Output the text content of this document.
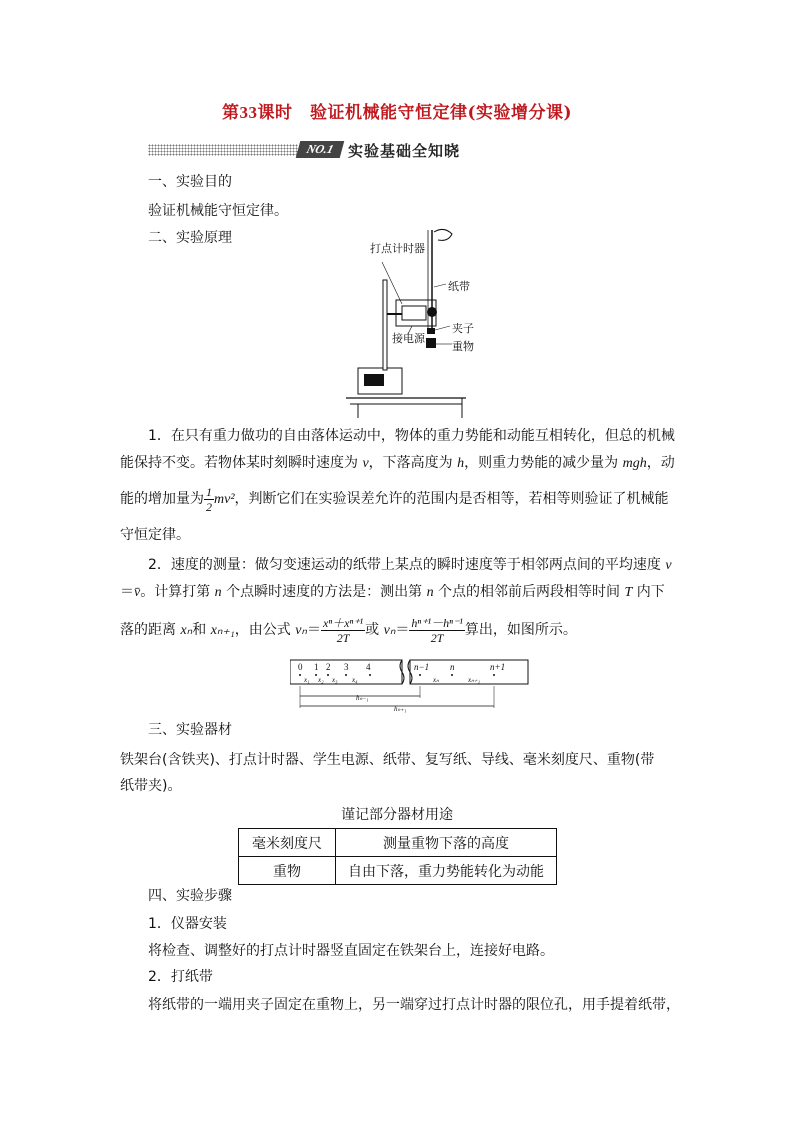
第33课时　验证机械能守恒定律(实验增分课)
NO.1 实验基础全知晓
一、实验目的
验证机械能守恒定律。
二、实验原理
打点计时器
纸带
夹子
接电源
重物
1．在只有重力做功的自由落体运动中，物体的重力势能和动能互相转化，但总的机械
能保持不变。若物体某时刻瞬时速度为 v，下落高度为 h，则重力势能的减少量为 mgh，动
能的增加量为 $\frac{1}{2} mv^2$，判断它们在实验误差允许的范围内是否相等，若相等则验证了机械能
守恒定律。
2．速度的测量：做匀变速运动的纸带上某点的瞬时速度等于相邻两点间的平均速度 v
＝v̄。计算打第 n 个点瞬时速度的方法是：测出第 n 个点的相邻前后两段相等时间 T 内下
落的距离 xₙ和 xₙ₊₁，由公式 $v_n= \frac{\text{xⁿ＋xⁿ⁺¹}}{2T}$ 或 $v_n= \frac{\text{hⁿ⁺¹－hⁿ⁻¹}}{2T}$ 算出，如图所示。
0 1 2 3 4
x₁ x₂ x₃ x₄
n−1 n	n+1
xₙ	xₙ₊₁
hₙ₋₁
hₙ₊₁
三、实验器材
铁架台(含铁夹)、打点计时器、学生电源、纸带、复写纸、导线、毫米刻度尺、重物(带
纸带夹)。
谨记部分器材用途
毫米刻度尺	测量重物下落的高度
重物	自由下落，重力势能转化为动能
四、实验步骤
1．仪器安装
将检查、调整好的打点计时器竖直固定在铁架台上，连接好电路。
2．打纸带
将纸带的一端用夹子固定在重物上，另一端穿过打点计时器的限位孔，用手提着纸带，
